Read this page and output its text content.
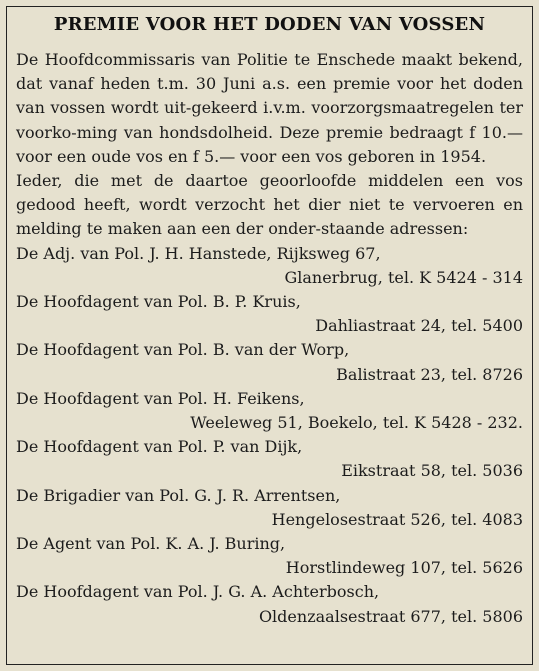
PREMIE VOOR HET DODEN VAN VOSSEN

De Hoofdcommissaris van Politie te Enschede maakt bekend, dat vanaf heden t.m. 30 Juni a.s. een premie voor het doden van vossen wordt uit-gekeerd i.v.m. voorzorgsmaatregelen ter voorko-ming van hondsdolheid. Deze premie bedraagt f 10.— voor een oude vos en f 5.— voor een vos geboren in 1954.

Ieder, die met de daartoe geoorloofde middelen een vos gedood heeft, wordt verzocht het dier niet te vervoeren en melding te maken aan een der onder-staande adressen:

De Adj. van Pol. J. H. Hanstede, Rijksweg 67,
Glanerbrug, tel. K 5424 - 314
De Hoofdagent van Pol. B. P. Kruis,
Dahliastraat 24, tel. 5400
De Hoofdagent van Pol. B. van der Worp,
Balistraat 23, tel. 8726
De Hoofdagent van Pol. H. Feikens,
Weeleweg 51, Boekelo, tel. K 5428 - 232.
De Hoofdagent van Pol. P. van Dijk,
Eikstraat 58, tel. 5036
De Brigadier van Pol. G. J. R. Arrentsen,
Hengelosestraat 526, tel. 4083
De Agent van Pol. K. A. J. Buring,
Horstlindeweg 107, tel. 5626
De Hoofdagent van Pol. J. G. A. Achterbosch,
Oldenzaalsestraat 677, tel. 5806
